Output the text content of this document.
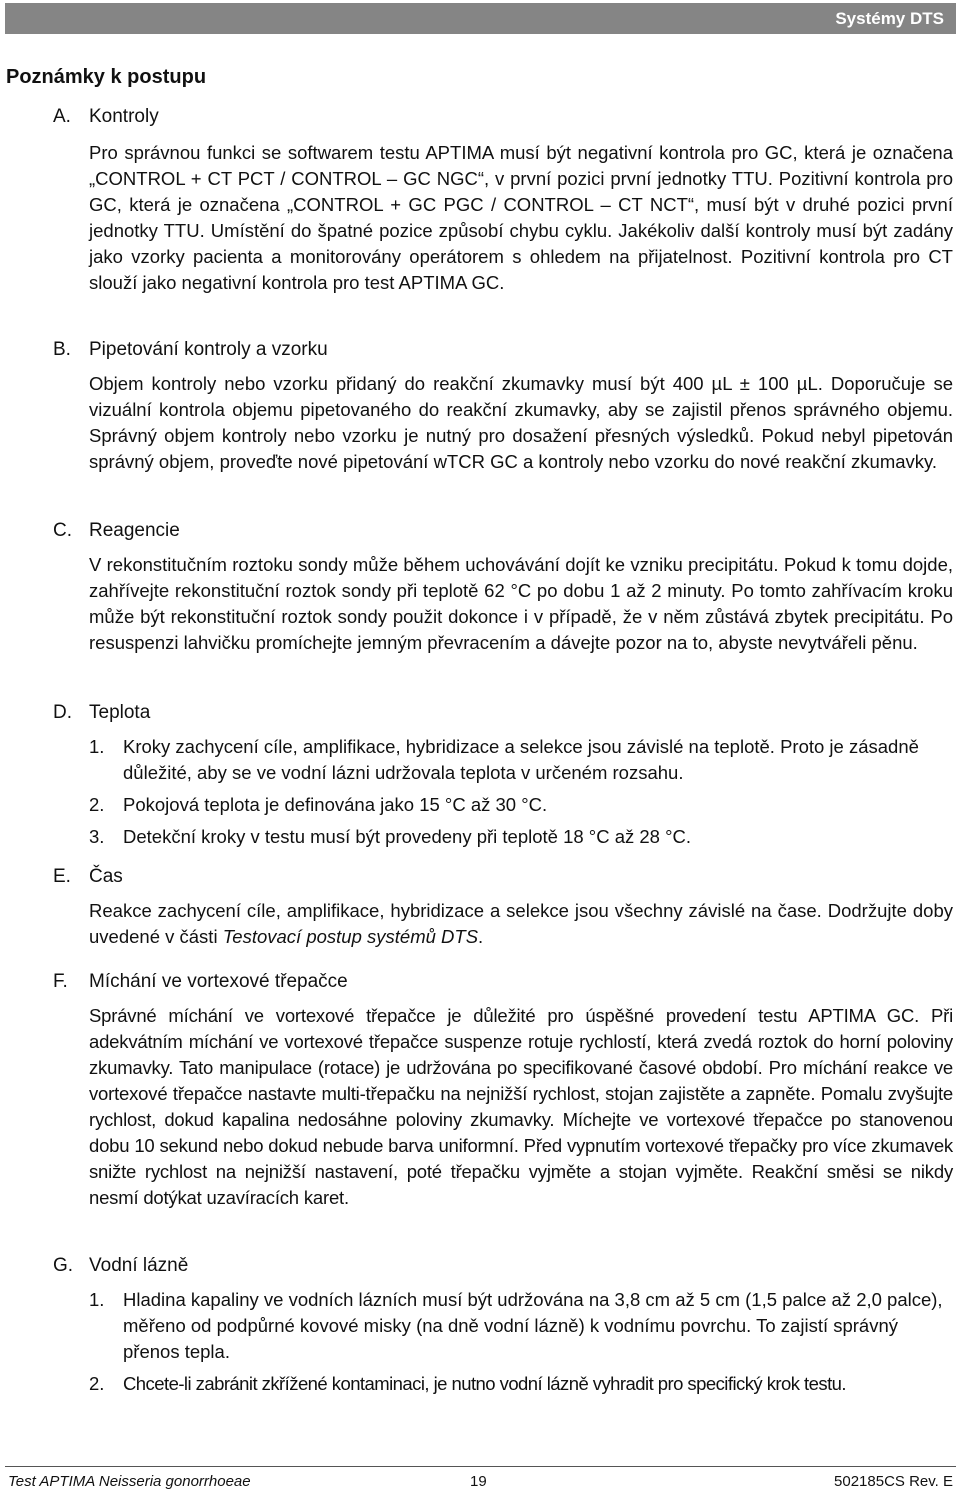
Systémy DTS
Poznámky k postupu
A. Kontroly
Pro správnou funkci se softwarem testu APTIMA musí být negativní kontrola pro GC, která je označena „CONTROL + CT PCT / CONTROL – GC NGC“, v první pozici první jednotky TTU. Pozitivní kontrola pro GC, která je označena „CONTROL + GC PGC / CONTROL – CT NCT“, musí být v druhé pozici první jednotky TTU. Umístění do špatné pozice způsobí chybu cyklu. Jakékoliv další kontroly musí být zadány jako vzorky pacienta a monitorovány operátorem s ohledem na přijatelnost. Pozitivní kontrola pro CT slouží jako negativní kontrola pro test APTIMA GC.
B. Pipetování kontroly a vzorku
Objem kontroly nebo vzorku přidaný do reakční zkumavky musí být 400 µL ± 100 µL. Doporučuje se vizuální kontrola objemu pipetovaného do reakční zkumavky, aby se zajistil přenos správného objemu. Správný objem kontroly nebo vzorku je nutný pro dosažení přesných výsledků. Pokud nebyl pipetován správný objem, proveďte nové pipetování wTCR GC a kontroly nebo vzorku do nové reakční zkumavky.
C. Reagencie
V rekonstitučním roztoku sondy může během uchovávání dojít ke vzniku precipitátu. Pokud k tomu dojde, zahřívejte rekonstituční roztok sondy při teplotě 62 °C po dobu 1 až 2 minuty. Po tomto zahřívacím kroku může být rekonstituční roztok sondy použit dokonce i v případě, že v něm zůstává zbytek precipitátu. Po resuspenzi lahvičku promíchejte jemným převracením a dávejte pozor na to, abyste nevytvářeli pěnu.
D. Teplota
1. Kroky zachycení cíle, amplifikace, hybridizace a selekce jsou závislé na teplotě. Proto je zásadně důležité, aby se ve vodní lázni udržovala teplota v určeném rozsahu.
2. Pokojová teplota je definována jako 15 °C až 30 °C.
3. Detekční kroky v testu musí být provedeny při teplotě 18 °C až 28 °C.
E. Čas
Reakce zachycení cíle, amplifikace, hybridizace a selekce jsou všechny závislé na čase. Dodržujte doby uvedené v části Testovací postup systémů DTS.
F. Míchání ve vortexové třepačce
Správné míchání ve vortexové třepačce je důležité pro úspěšné provedení testu APTIMA GC. Při adekvátním míchání ve vortexové třepačce suspenze rotuje rychlostí, která zvedá roztok do horní poloviny zkumavky. Tato manipulace (rotace) je udržována po specifikované časové období. Pro míchání reakce ve vortexové třepačce nastavte multi-třepačku na nejnižší rychlost, stojan zajistěte a zapněte. Pomalu zvyšujte rychlost, dokud kapalina nedosáhne poloviny zkumavky. Míchejte ve vortexové třepačce po stanovenou dobu 10 sekund nebo dokud nebude barva uniformní. Před vypnutím vortexové třepačky pro více zkumavek snižte rychlost na nejnižší nastavení, poté třepačku vyjměte a stojan vyjměte. Reakční směsi se nikdy nesmí dotýkat uzavíracích karet.
G. Vodní lázně
1. Hladina kapaliny ve vodních lázních musí být udržována na 3,8 cm až 5 cm (1,5 palce až 2,0 palce), měřeno od podpůrné kovové misky (na dně vodní lázně) k vodnímu povrchu. To zajistí správný přenos tepla.
2. Chcete-li zabránit zkřížené kontaminaci, je nutno vodní lázně vyhradit pro specifický krok testu.
Test APTIMA Neisseria gonorrhoeae	19	502185CS Rev. E
